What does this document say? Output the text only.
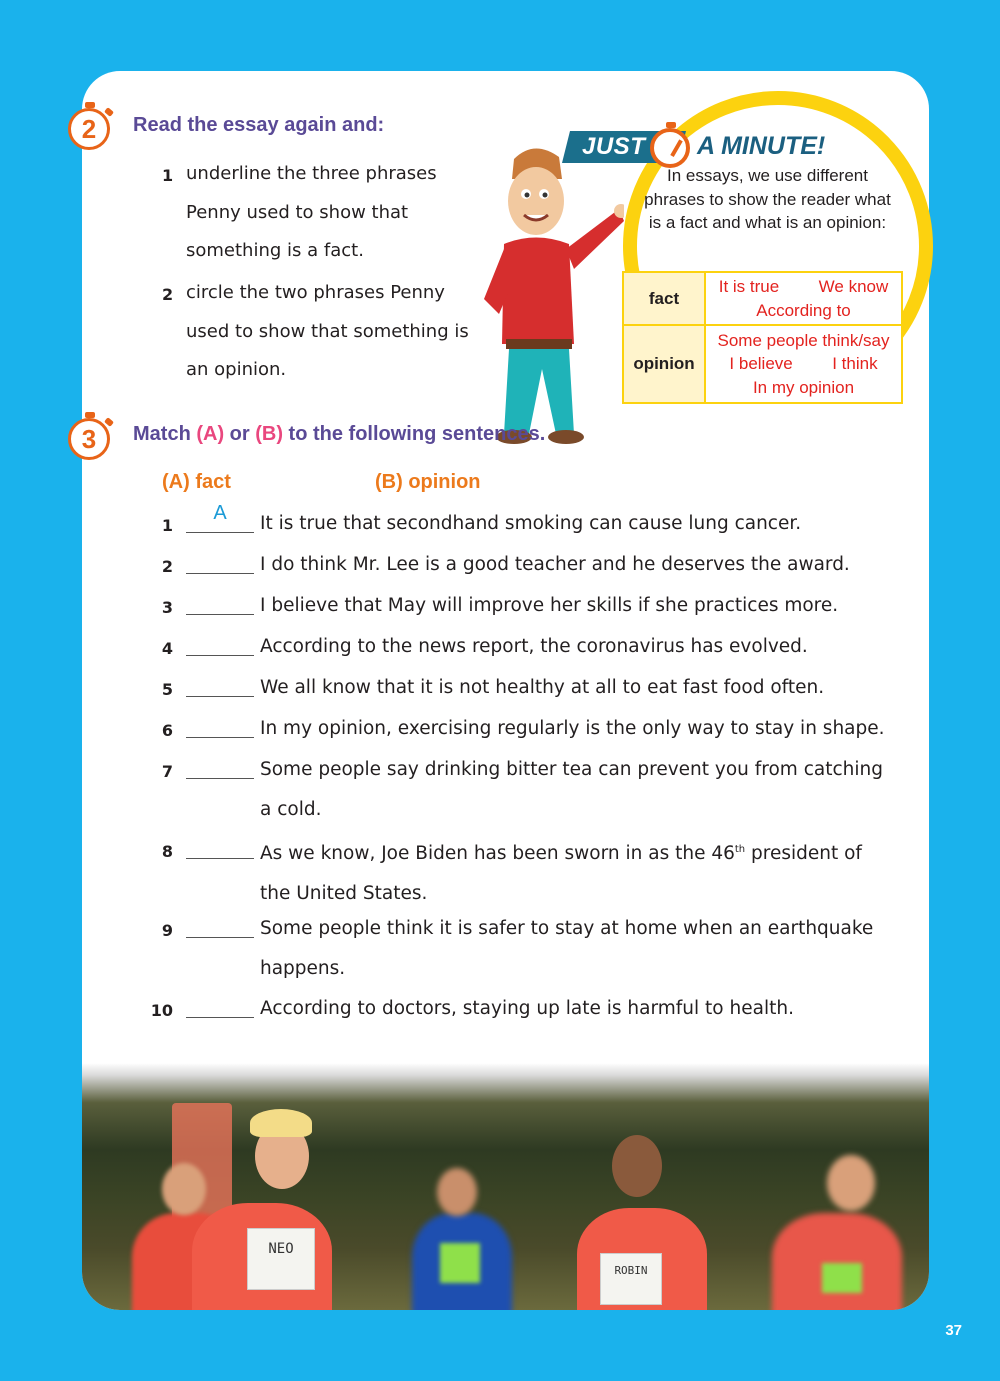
NEO
ROBIN
2	Read the essay again and:
1 underline the three phrases Penny used to show that something is a fact.
2 circle the two phrases Penny used to show that something is an opinion.
JUST A MINUTE!
In essays, we use different phrases to show the reader what is a fact and what is an opinion:
fact	It is true We know
According to
opinion	Some people think/say
I believe I think
In my opinion
3	Match (A) or (B) to the following sentences.
(A) fact	(B) opinion
1
A	It is true that secondhand smoking can cause lung cancer.
2	I do think Mr. Lee is a good teacher and he deserves the award.
3	I believe that May will improve her skills if she practices more.
4	According to the news report, the coronavirus has evolved.
5	We all know that it is not healthy at all to eat fast food often.
6	In my opinion, exercising regularly is the only way to stay in shape.
7	Some people say drinking bitter tea can prevent you from catching a cold.
8	As we know, Joe Biden has been sworn in as the 46th president of the United States.
9	Some people think it is safer to stay at home when an earthquake happens.
10	According to doctors, staying up late is harmful to health.
37
